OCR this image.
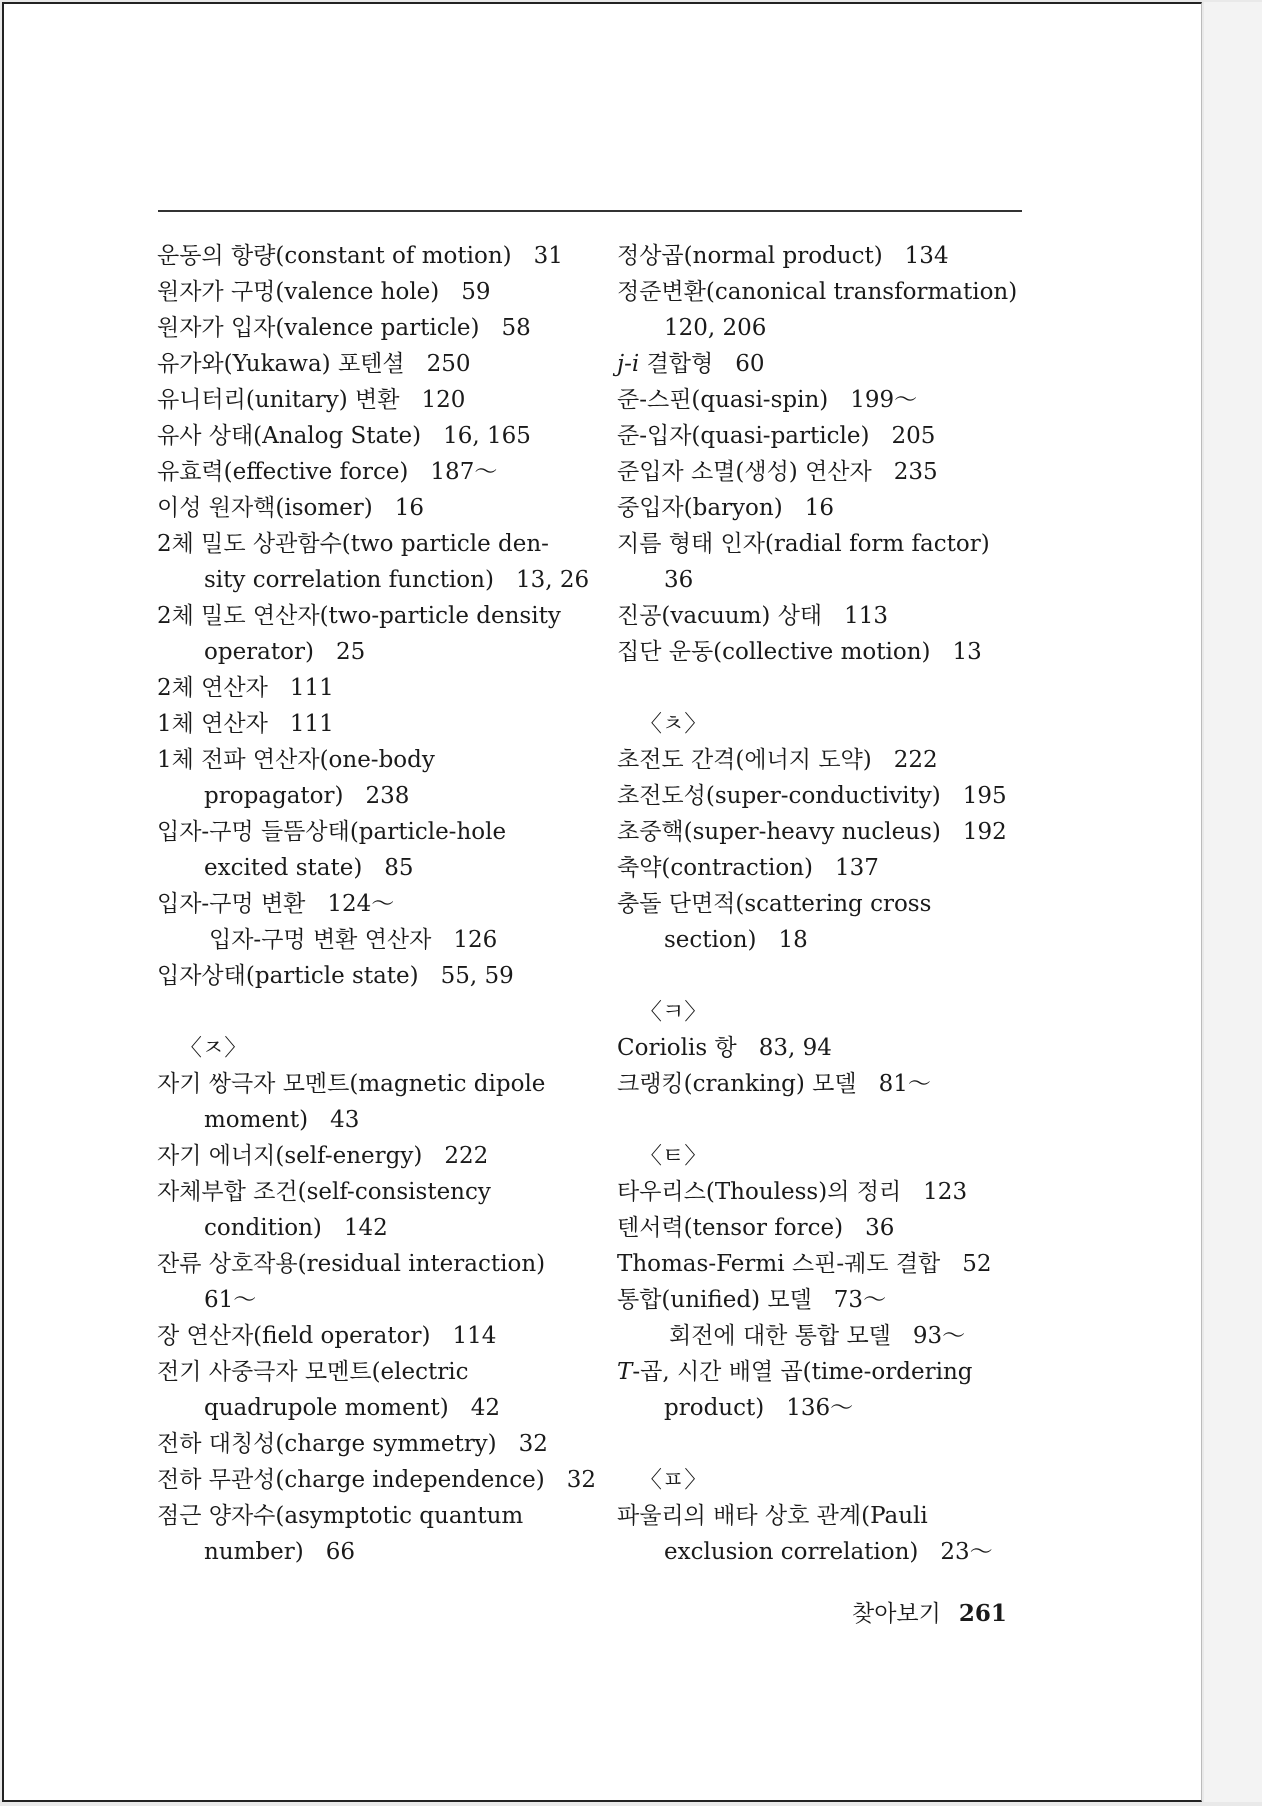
운동의 항량(constant of motion) 31
원자가 구멍(valence hole) 59
원자가 입자(valence particle) 58
유가와(Yukawa) 포텐셜 250
유니터리(unitary) 변환 120
유사 상태(Analog State) 16, 165
유효력(effective force) 187～
이성 원자핵(isomer) 16
2체 밀도 상관함수(two particle den-
sity correlation function) 13, 26
2체 밀도 연산자(two-particle density
operator) 25
2체 연산자 111
1체 연산자 111
1체 전파 연산자(one-body
propagator) 238
입자-구멍 들뜸상태(particle-hole
excited state) 85
입자-구멍 변환 124～
입자-구멍 변환 연산자 126
입자상태(particle state) 55, 59
〈ㅈ〉
자기 쌍극자 모멘트(magnetic dipole
moment) 43
자기 에너지(self-energy) 222
자체부합 조건(self-consistency
condition) 142
잔류 상호작용(residual interaction)
61～
장 연산자(field operator) 114
전기 사중극자 모멘트(electric
quadrupole moment) 42
전하 대칭성(charge symmetry) 32
전하 무관성(charge independence) 32
점근 양자수(asymptotic quantum
number) 66
정상곱(normal product) 134
정준변환(canonical transformation)
120, 206
j-i 결합형 60
준-스핀(quasi-spin) 199～
준-입자(quasi-particle) 205
준입자 소멸(생성) 연산자 235
중입자(baryon) 16
지름 형태 인자(radial form factor)
36
진공(vacuum) 상태 113
집단 운동(collective motion) 13
〈ㅊ〉
초전도 간격(에너지 도약) 222
초전도성(super-conductivity) 195
초중핵(super-heavy nucleus) 192
축약(contraction) 137
충돌 단면적(scattering cross
section) 18
〈ㅋ〉
Coriolis 항 83, 94
크랭킹(cranking) 모델 81～
〈ㅌ〉
타우리스(Thouless)의 정리 123
텐서력(tensor force) 36
Thomas-Fermi 스핀-궤도 결합 52
통합(unified) 모델 73～
회전에 대한 통합 모델 93～
T-곱, 시간 배열 곱(time-ordering
product) 136～
〈ㅍ〉
파울리의 배타 상호 관계(Pauli
exclusion correlation) 23～
찾아보기 261
